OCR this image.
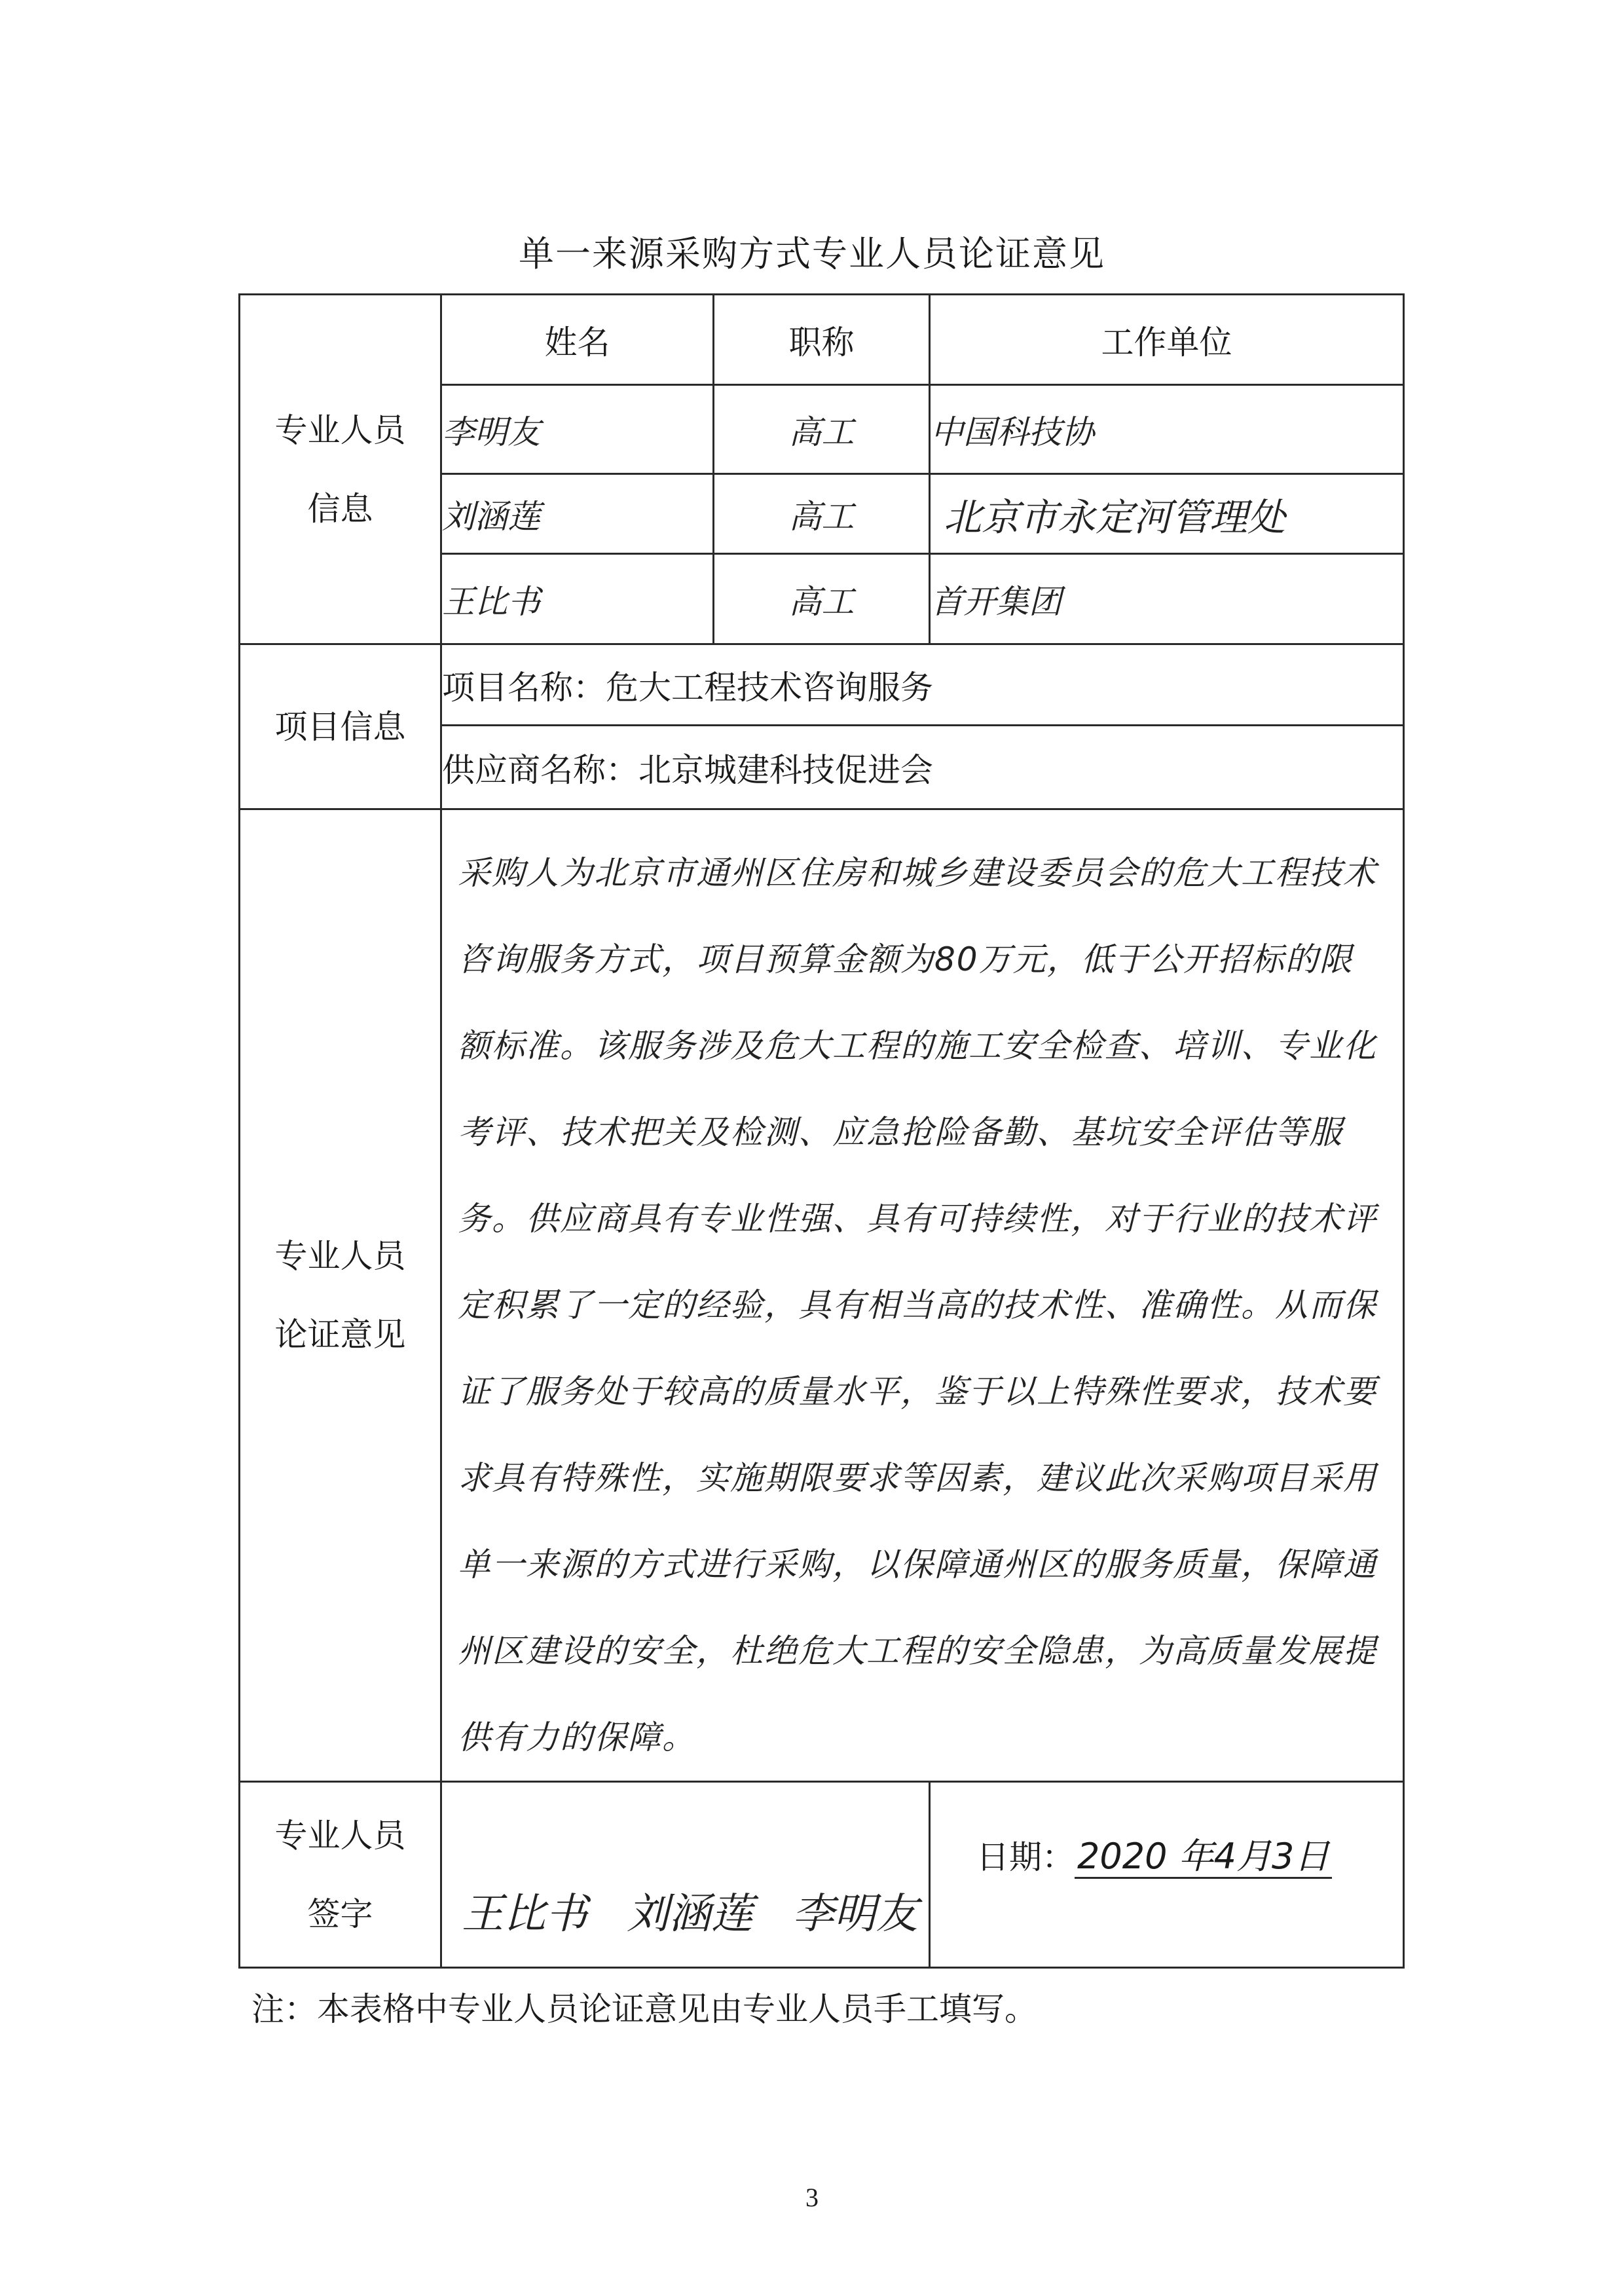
单一来源采购方式专业人员论证意见
专业人员
信息	姓名	职称	工作单位
	李明友	高工	中国科技协
	刘涵莲	高工	北京市永定河管理处
	王比书	高工	首开集团
项目信息	项目名称：危大工程技术咨询服务		
	供应商名称：北京城建科技促进会		

专业人员
论证意见	采购人为北京市通州区住房和城乡建设委员会的危大工程技术咨询服务方式，项目预算金额为80万元，低于公开招标的限额标准。该服务涉及危大工程的施工安全检查、培训、专业化考评、技术把关及检测、应急抢险备勤、基坑安全评估等服务。供应商具有专业性强、具有可持续性，对于行业的技术评定积累了一定的经验，具有相当高的技术性、准确性。从而保证了服务处于较高的质量水平，鉴于以上特殊性要求，技术要求具有特殊性，实施期限要求等因素，建议此次采购项目采用单一来源的方式进行采购，以保障通州区的服务质量，保障通州区建设的安全，杜绝危大工程的安全隐患，为高质量发展提供有力的保障。		

专业人员
签字	王比书 刘涵莲 李明友		日期：2020 年4月3日
注：本表格中专业人员论证意见由专业人员手工填写。
3
